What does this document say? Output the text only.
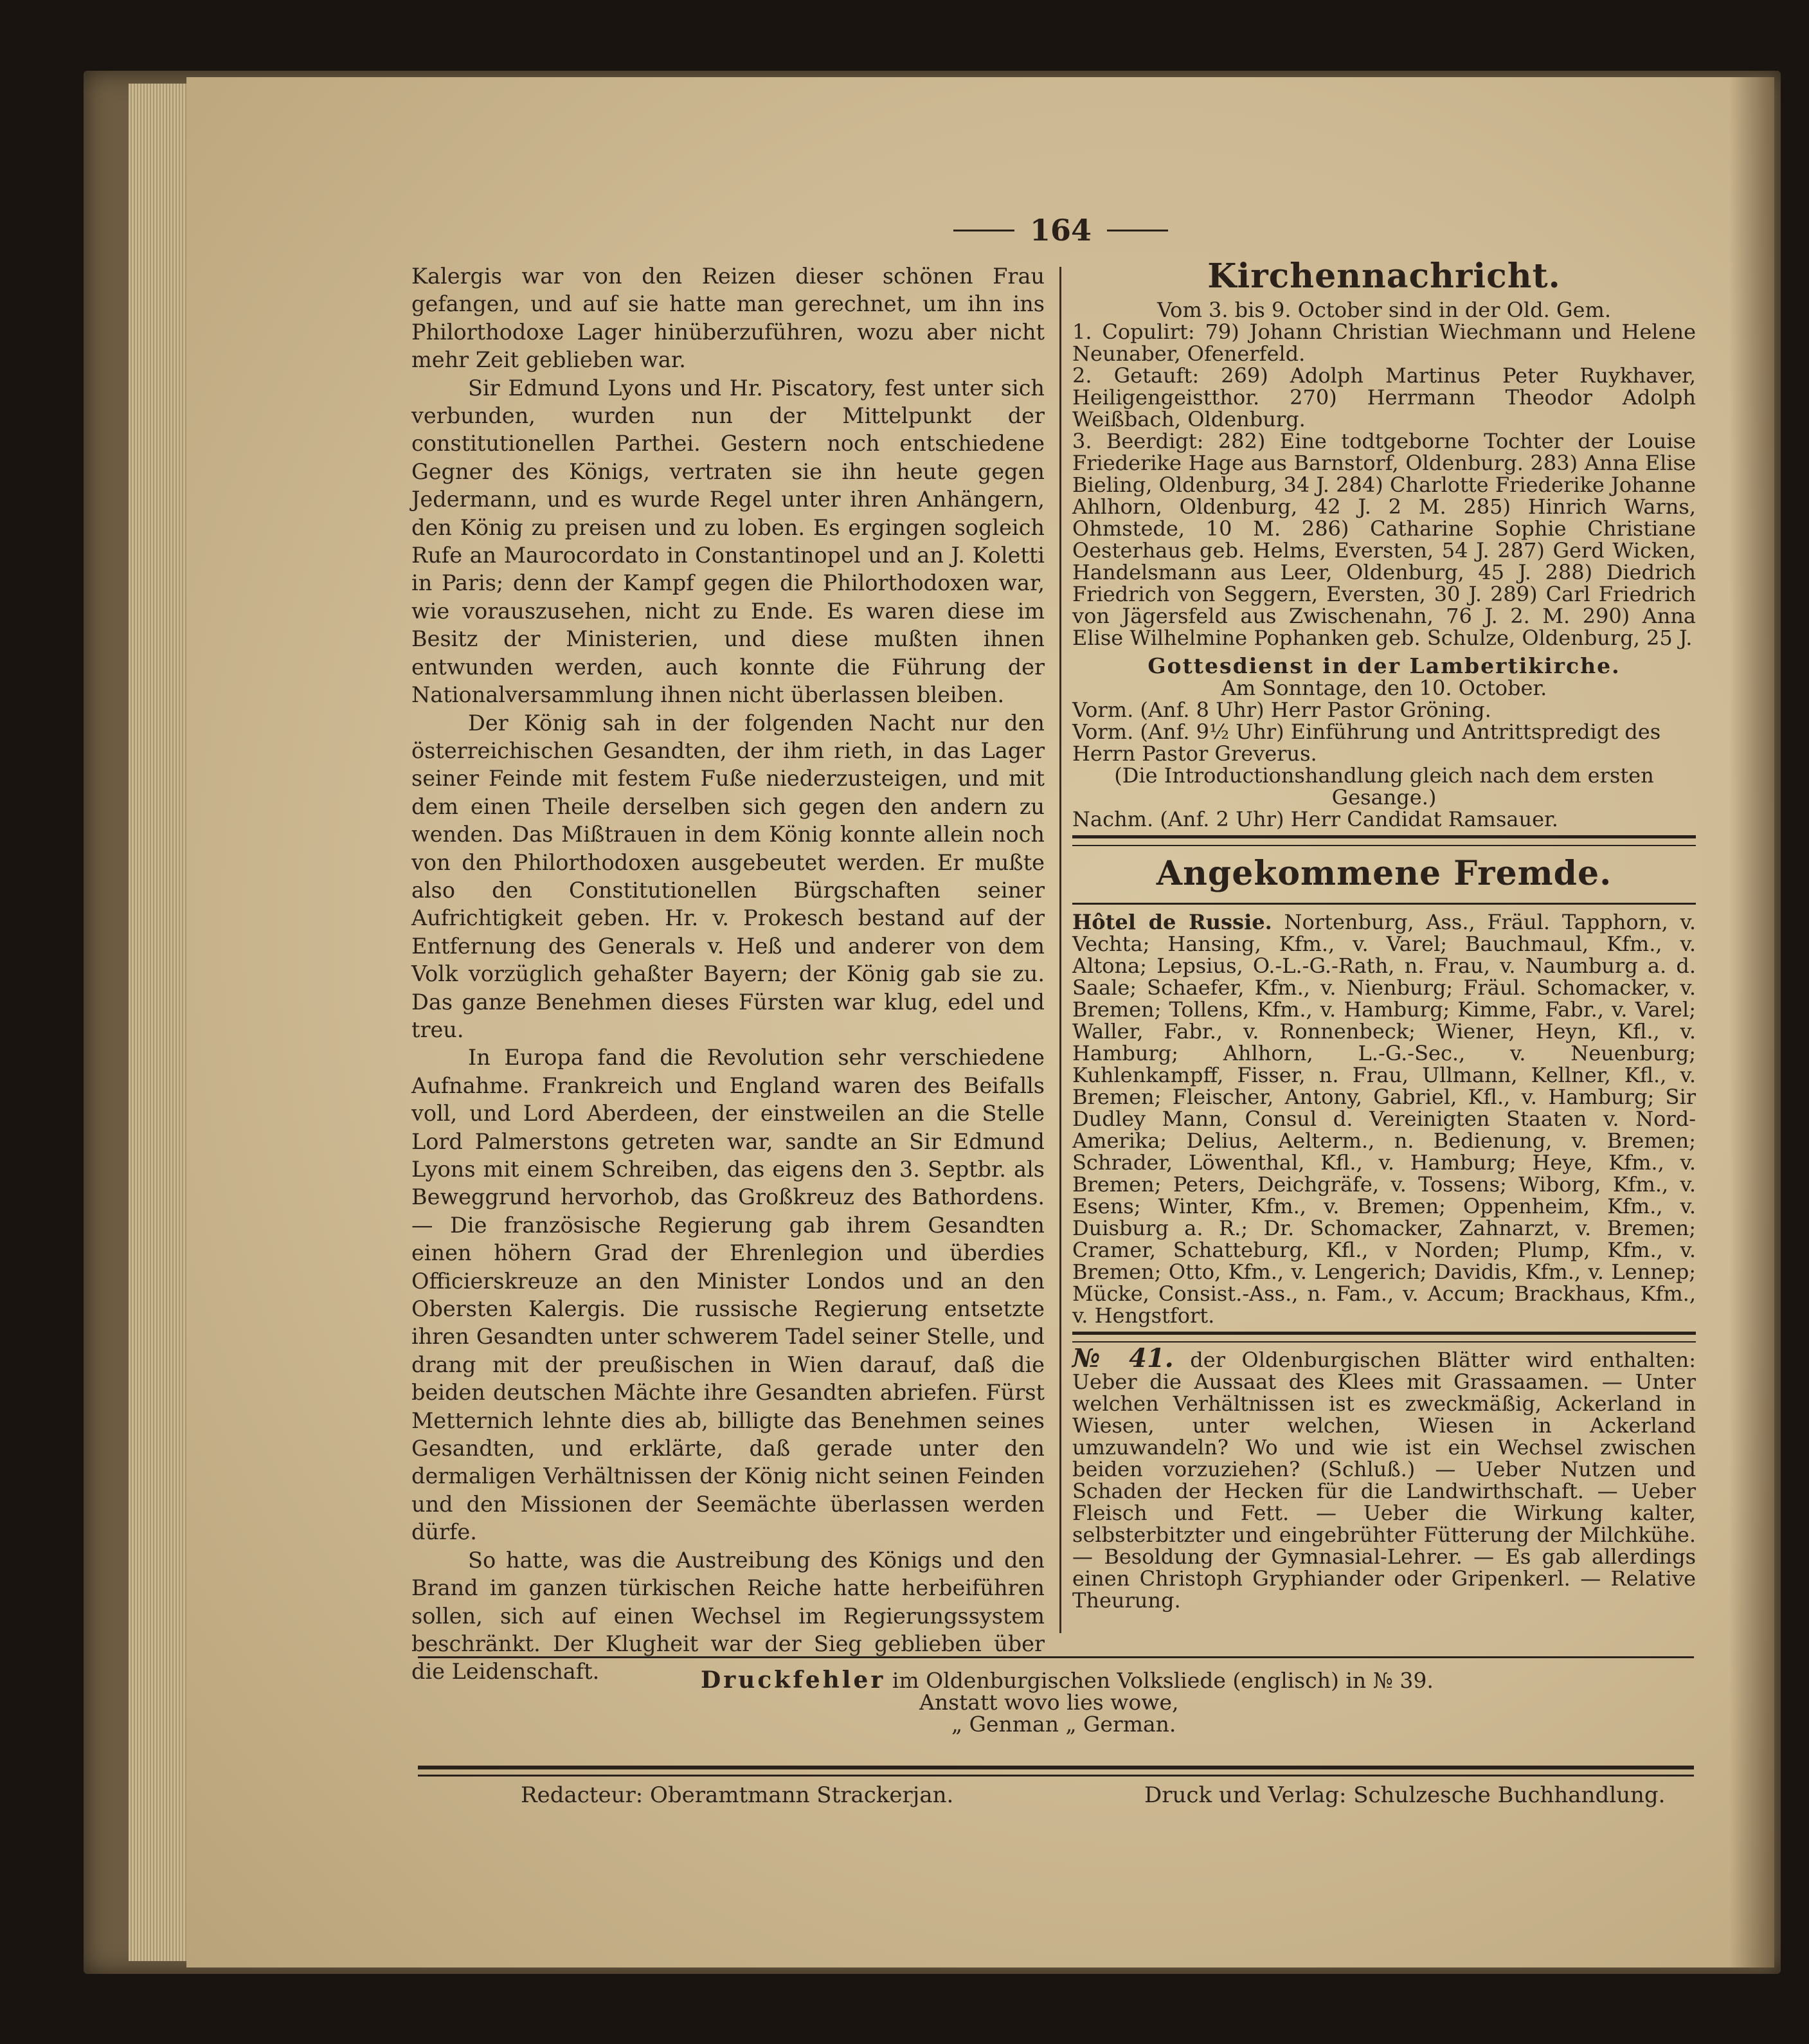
164

Kalergis war von den Reizen dieser schönen Frau gefangen, und auf sie hatte man gerechnet, um ihn ins Philorthodoxe Lager hinüberzuführen, wozu aber nicht mehr Zeit geblieben war.

Sir Edmund Lyons und Hr. Piscatory, fest unter sich verbunden, wurden nun der Mittelpunkt der constitutionellen Parthei. Gestern noch entschiedene Gegner des Königs, vertraten sie ihn heute gegen Jedermann, und es wurde Regel unter ihren Anhängern, den König zu preisen und zu loben. Es ergingen sogleich Rufe an Maurocordato in Constantinopel und an J. Koletti in Paris; denn der Kampf gegen die Philorthodoxen war, wie vorauszusehen, nicht zu Ende. Es waren diese im Besitz der Ministerien, und diese mußten ihnen entwunden werden, auch konnte die Führung der Nationalversammlung ihnen nicht überlassen bleiben.

Der König sah in der folgenden Nacht nur den österreichischen Gesandten, der ihm rieth, in das Lager seiner Feinde mit festem Fuße niederzusteigen, und mit dem einen Theile derselben sich gegen den andern zu wenden. Das Mißtrauen in dem König konnte allein noch von den Philorthodoxen ausgebeutet werden. Er mußte also den Constitutionellen Bürgschaften seiner Aufrichtigkeit geben. Hr. v. Prokesch bestand auf der Entfernung des Generals v. Heß und anderer von dem Volk vorzüglich gehaßter Bayern; der König gab sie zu. Das ganze Benehmen dieses Fürsten war klug, edel und treu.

In Europa fand die Revolution sehr verschiedene Aufnahme. Frankreich und England waren des Beifalls voll, und Lord Aberdeen, der einstweilen an die Stelle Lord Palmerstons getreten war, sandte an Sir Edmund Lyons mit einem Schreiben, das eigens den 3. Septbr. als Beweggrund hervorhob, das Großkreuz des Bathordens. — Die französische Regierung gab ihrem Gesandten einen höhern Grad der Ehrenlegion und überdies Officierskreuze an den Minister Londos und an den Obersten Kalergis. Die russische Regierung entsetzte ihren Gesandten unter schwerem Tadel seiner Stelle, und drang mit der preußischen in Wien darauf, daß die beiden deutschen Mächte ihre Gesandten abriefen. Fürst Metternich lehnte dies ab, billigte das Benehmen seines Gesandten, und erklärte, daß gerade unter den dermaligen Verhältnissen der König nicht seinen Feinden und den Missionen der Seemächte überlassen werden dürfe.

So hatte, was die Austreibung des Königs und den Brand im ganzen türkischen Reiche hatte herbeiführen sollen, sich auf einen Wechsel im Regierungssystem beschränkt. Der Klugheit war der Sieg geblieben über die Leidenschaft.

Kirchennachricht.
Vom 3. bis 9. October sind in der Old. Gem.
1. Copulirt: 79) Johann Christian Wiechmann und Helene Neunaber, Ofenerfeld.
2. Getauft: 269) Adolph Martinus Peter Ruykhaver, Heiligengeistthor. 270) Herrmann Theodor Adolph Weißbach, Oldenburg.
3. Beerdigt: 282) Eine todtgeborne Tochter der Louise Friederike Hage aus Barnstorf, Oldenburg. 283) Anna Elise Bieling, Oldenburg, 34 J. 284) Charlotte Friederike Johanne Ahlhorn, Oldenburg, 42 J. 2 M. 285) Hinrich Warns, Ohmstede, 10 M. 286) Catharine Sophie Christiane Oesterhaus geb. Helms, Eversten, 54 J. 287) Gerd Wicken, Handelsmann aus Leer, Oldenburg, 45 J. 288) Diedrich Friedrich von Seggern, Eversten, 30 J. 289) Carl Friedrich von Jägersfeld aus Zwischenahn, 76 J. 2. M. 290) Anna Elise Wilhelmine Pophanken geb. Schulze, Oldenburg, 25 J.
Gottesdienst in der Lambertikirche.
Am Sonntage, den 10. October.
Vorm. (Anf. 8 Uhr) Herr Pastor Gröning.
Vorm. (Anf. 9½ Uhr) Einführung und Antrittspredigt des Herrn Pastor Greverus.
(Die Introductionshandlung gleich nach dem ersten Gesange.)
Nachm. (Anf. 2 Uhr) Herr Candidat Ramsauer.
Angekommene Fremde.
Hôtel de Russie. Nortenburg, Ass., Fräul. Tapphorn, v. Vechta; Hansing, Kfm., v. Varel; Bauchmaul, Kfm., v. Altona; Lepsius, O.-L.-G.-Rath, n. Frau, v. Naumburg a. d. Saale; Schaefer, Kfm., v. Nienburg; Fräul. Schomacker, v. Bremen; Tollens, Kfm., v. Hamburg; Kimme, Fabr., v. Varel; Waller, Fabr., v. Ronnenbeck; Wiener, Heyn, Kfl., v. Hamburg; Ahlhorn, L.-G.-Sec., v. Neuenburg; Kuhlenkampff, Fisser, n. Frau, Ullmann, Kellner, Kfl., v. Bremen; Fleischer, Antony, Gabriel, Kfl., v. Hamburg; Sir Dudley Mann, Consul d. Vereinigten Staaten v. Nord-Amerika; Delius, Aelterm., n. Bedienung, v. Bremen; Schrader, Löwenthal, Kfl., v. Hamburg; Heye, Kfm., v. Bremen; Peters, Deichgräfe, v. Tossens; Wiborg, Kfm., v. Esens; Winter, Kfm., v. Bremen; Oppenheim, Kfm., v. Duisburg a. R.; Dr. Schomacker, Zahnarzt, v. Bremen; Cramer, Schatteburg, Kfl., v Norden; Plump, Kfm., v. Bremen; Otto, Kfm., v. Lengerich; Davidis, Kfm., v. Lennep; Mücke, Consist.-Ass., n. Fam., v. Accum; Brackhaus, Kfm., v. Hengstfort.
№ 41. der Oldenburgischen Blätter wird enthalten: Ueber die Aussaat des Klees mit Grassaamen. — Unter welchen Verhältnissen ist es zweckmäßig, Ackerland in Wiesen, unter welchen, Wiesen in Ackerland umzuwandeln? Wo und wie ist ein Wechsel zwischen beiden vorzuziehen? (Schluß.) — Ueber Nutzen und Schaden der Hecken für die Landwirthschaft. — Ueber Fleisch und Fett. — Ueber die Wirkung kalter, selbsterbitzter und eingebrühter Fütterung der Milchkühe. — Besoldung der Gymnasial-Lehrer. — Es gab allerdings einen Christoph Gryphiander oder Gripenkerl. — Relative Theurung.
Druckfehler im Oldenburgischen Volksliede (englisch) in № 39.
Anstatt wovo lies wowe,
„ Genman „ German.
Redacteur: Oberamtmann Strackerjan.	Druck und Verlag: Schulzesche Buchhandlung.
